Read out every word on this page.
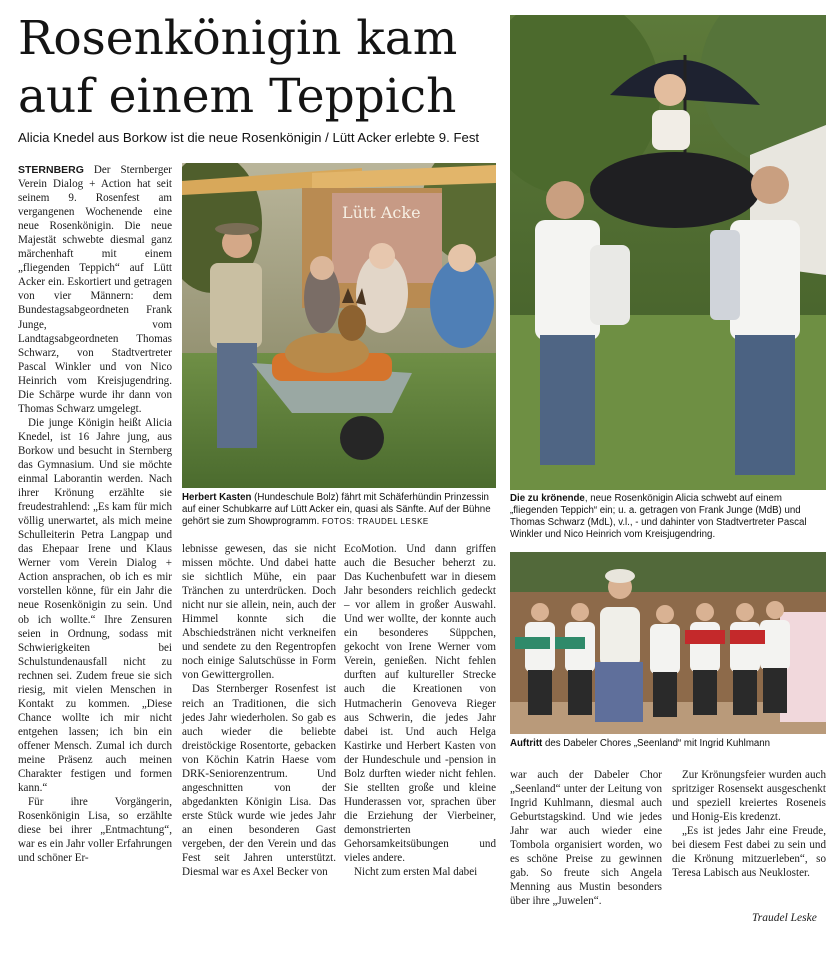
Rosenkönigin kam
auf einem Teppich
Alicia Knedel aus Borkow ist die neue Rosenkönigin / Lütt Acker erlebte 9. Fest

STERNBERG Der Sternberger Verein Dialog + Action hat seit seinem 9. Rosenfest am vergangenen Wochenende eine neue Rosenkönigin. Die neue Majestät schwebte diesmal ganz märchenhaft mit einem „fliegenden Teppich“ auf Lütt Acker ein. Eskortiert und getragen von vier Männern: dem Bundestagsabgeordneten Frank Junge, vom Landtagsabgeordneten Thomas Schwarz, von Stadtvertreter Pascal Winkler und von Nico Heinrich vom Kreisjugendring. Die Schärpe wurde ihr dann von Thomas Schwarz umgelegt.

Die junge Königin heißt Alicia Knedel, ist 16 Jahre jung, aus Borkow und besucht in Sternberg das Gymnasium. Und sie möchte einmal Laborantin werden. Nach ihrer Krönung erzählte sie freudestrahlend: „Es kam für mich völlig unerwartet, als mich meine Schulleiterin Petra Langpap und das Ehepaar Irene und Klaus Werner vom Verein Dialog + Action ansprachen, ob ich es mir vorstellen könne, für ein Jahr die neue Rosenkönigin zu sein. Und ob ich wollte.“ Ihre Zensuren seien in Ordnung, sodass mit Schwierigkeiten bei Schulstundenausfall nicht zu rechnen sei. Zudem freue sie sich riesig, mit vielen Menschen in Kontakt zu kommen. „Diese Chance wollte ich mir nicht entgehen lassen; ich bin ein offener Mensch. Zumal ich durch meine Präsenz auch meinen Charakter festigen und formen kann.“

Für ihre Vorgängerin, Rosenkönigin Lisa, so erzählte diese bei ihrer „Entmachtung“, war es ein Jahr voller Erfahrungen und schöner Er-

Lütt Acke
Herbert Kasten (Hundeschule Bolz) fährt mit Schäferhündin Prinzessin auf einer Schubkarre auf Lütt Acker ein, quasi als Sänfte. Auf der Bühne gehört sie zum Showprogramm. FOTOS: TRAUDEL LESKE
Die zu krönende, neue Rosenkönigin Alicia schwebt auf einem „fliegenden Teppich“ ein; u. a. getragen von Frank Junge (MdB) und Thomas Schwarz (MdL), v.l., - und dahinter von Stadtvertreter Pascal Winkler und Nico Heinrich vom Kreisjugendring.
Auftritt des Dabeler Chores „Seenland“ mit Ingrid Kuhlmann

lebnisse gewesen, das sie nicht missen möchte. Und dabei hatte sie sichtlich Mühe, ein paar Tränchen zu unterdrücken. Doch nicht nur sie allein, nein, auch der Himmel konnte sich die Abschiedstränen nicht verkneifen und sendete zu den Regentropfen noch einige Salutschüsse in Form von Gewittergrollen.

Das Sternberger Rosenfest ist reich an Traditionen, die sich jedes Jahr wiederholen. So gab es auch wieder die beliebte dreistöckige Rosentorte, gebacken von Köchin Katrin Haese vom DRK-Seniorenzentrum. Und angeschnitten von der abgedankten Königin Lisa. Das erste Stück wurde wie jedes Jahr an einen besonderen Gast vergeben, der den Verein und das Fest seit Jahren unterstützt. Diesmal war es Axel Becker von

EcoMotion. Und dann griffen auch die Besucher beherzt zu. Das Kuchenbufett war in diesem Jahr besonders reichlich gedeckt – vor allem in großer Auswahl. Und wer wollte, der konnte auch ein besonderes Süppchen, gekocht von Irene Werner vom Verein, genießen. Nicht fehlen durften auf kultureller Strecke auch die Kreationen von Hutmacherin Genoveva Rieger aus Schwerin, die jedes Jahr dabei ist. Und auch Helga Kastirke und Herbert Kasten von der Hundeschule und -pension in Bolz durften wieder nicht fehlen. Sie stellten große und kleine Hunderassen vor, sprachen über die Erziehung der Vierbeiner, demonstrierten Gehorsamkeitsübungen und vieles andere.

Nicht zum ersten Mal dabei

war auch der Dabeler Chor „Seenland“ unter der Leitung von Ingrid Kuhlmann, diesmal auch Geburtstagskind. Und wie jedes Jahr war auch wieder eine Tombola organisiert worden, wo es schöne Preise zu gewinnen gab. So freute sich Angela Menning aus Mustin besonders über ihre „Juwelen“.

Zur Krönungsfeier wurden auch spritziger Rosensekt ausgeschenkt und speziell kreiertes Roseneis und Honig-Eis kredenzt.

„Es ist jedes Jahr eine Freude, bei diesem Fest dabei zu sein und die Krönung mitzuerleben“, so Teresa Labisch aus Neukloster.

Traudel Leske
